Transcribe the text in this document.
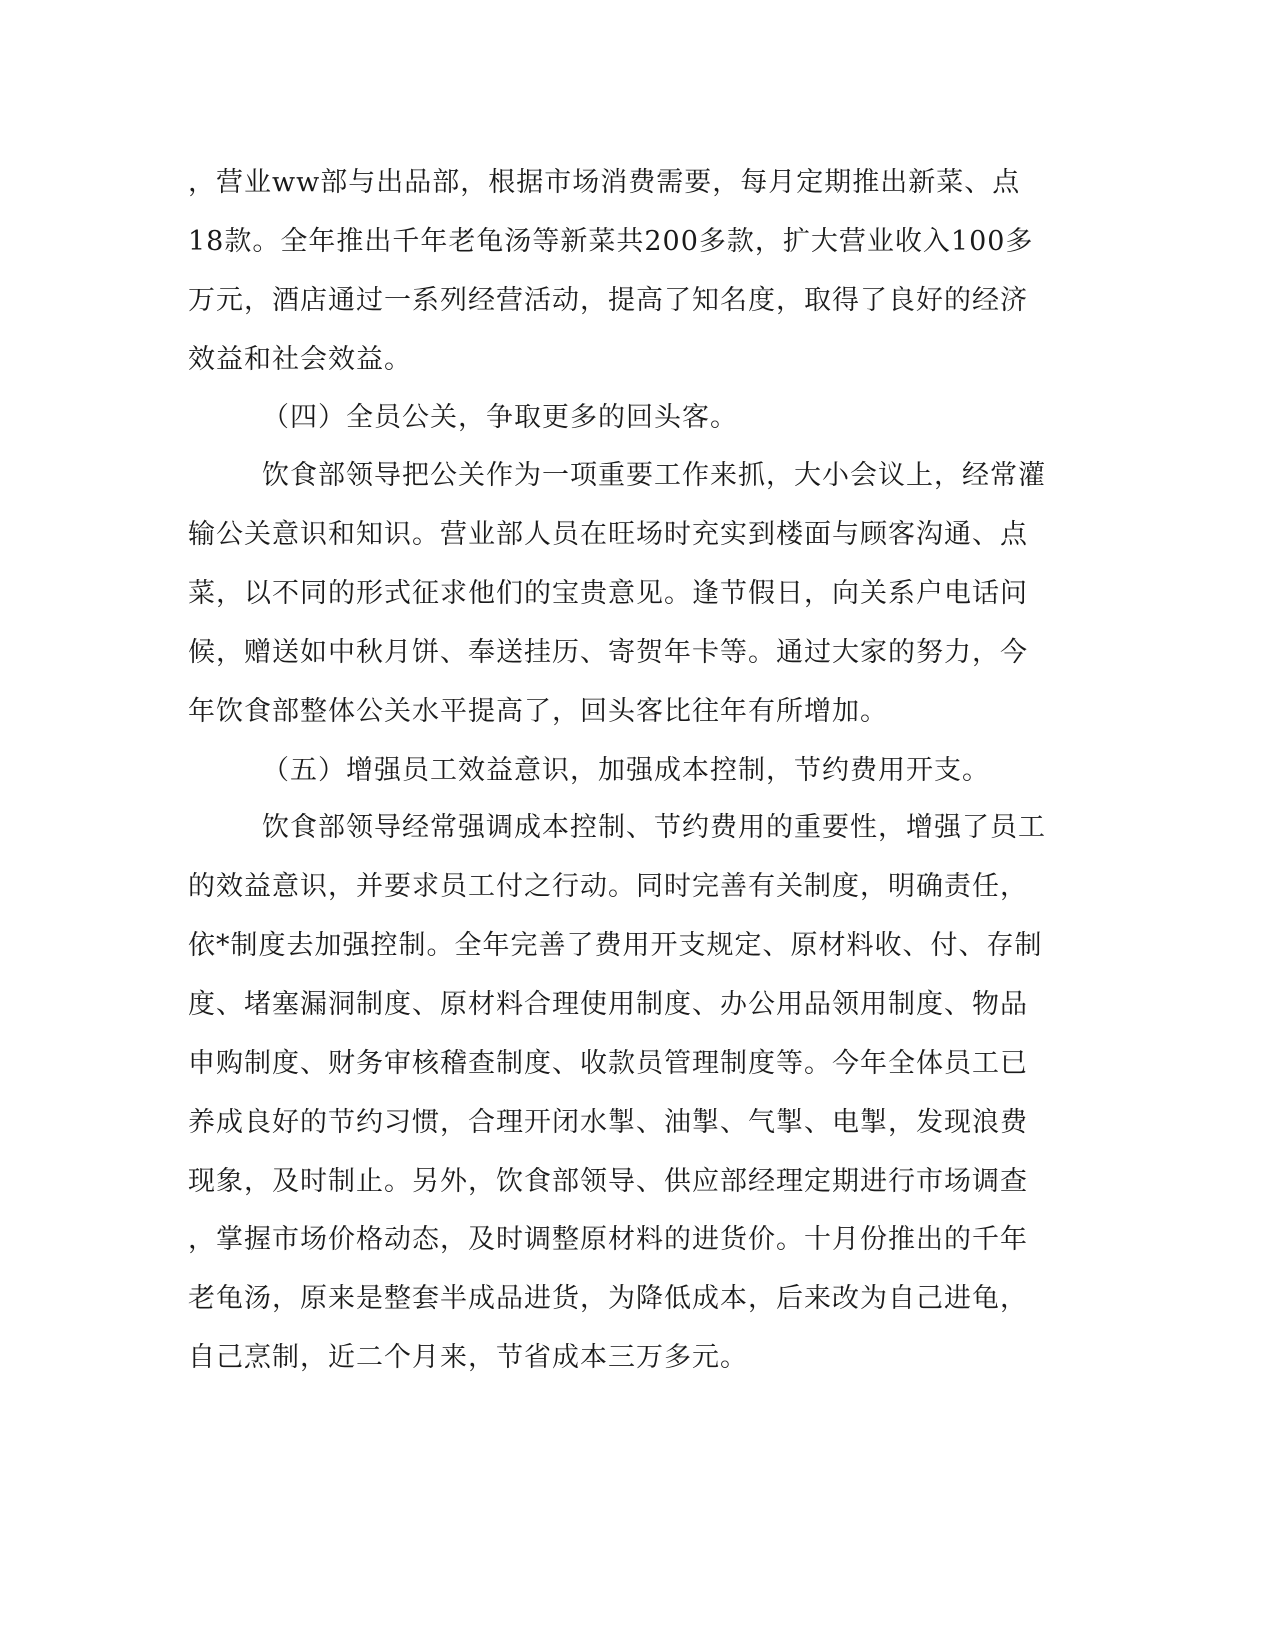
，营业ww部与出品部，根据市场消费需要，每月定期推出新菜、点
18款。全年推出千年老龟汤等新菜共200多款，扩大营业收入100多
万元，酒店通过一系列经营活动，提高了知名度，取得了良好的经济
效益和社会效益。
（四）全员公关，争取更多的回头客。
饮食部领导把公关作为一项重要工作来抓，大小会议上，经常灌
输公关意识和知识。营业部人员在旺场时充实到楼面与顾客沟通、点
菜，以不同的形式征求他们的宝贵意见。逢节假日，向关系户电话问
候，赠送如中秋月饼、奉送挂历、寄贺年卡等。通过大家的努力，今
年饮食部整体公关水平提高了，回头客比往年有所增加。
（五）增强员工效益意识，加强成本控制，节约费用开支。
饮食部领导经常强调成本控制、节约费用的重要性，增强了员工
的效益意识，并要求员工付之行动。同时完善有关制度，明确责任，
依*制度去加强控制。全年完善了费用开支规定、原材料收、付、存制
度、堵塞漏洞制度、原材料合理使用制度、办公用品领用制度、物品
申购制度、财务审核稽查制度、收款员管理制度等。今年全体员工已
养成良好的节约习惯，合理开闭水掣、油掣、气掣、电掣，发现浪费
现象，及时制止。另外，饮食部领导、供应部经理定期进行市场调查
，掌握市场价格动态，及时调整原材料的进货价。十月份推出的千年
老龟汤，原来是整套半成品进货，为降低成本，后来改为自己进龟，
自己烹制，近二个月来，节省成本三万多元。
